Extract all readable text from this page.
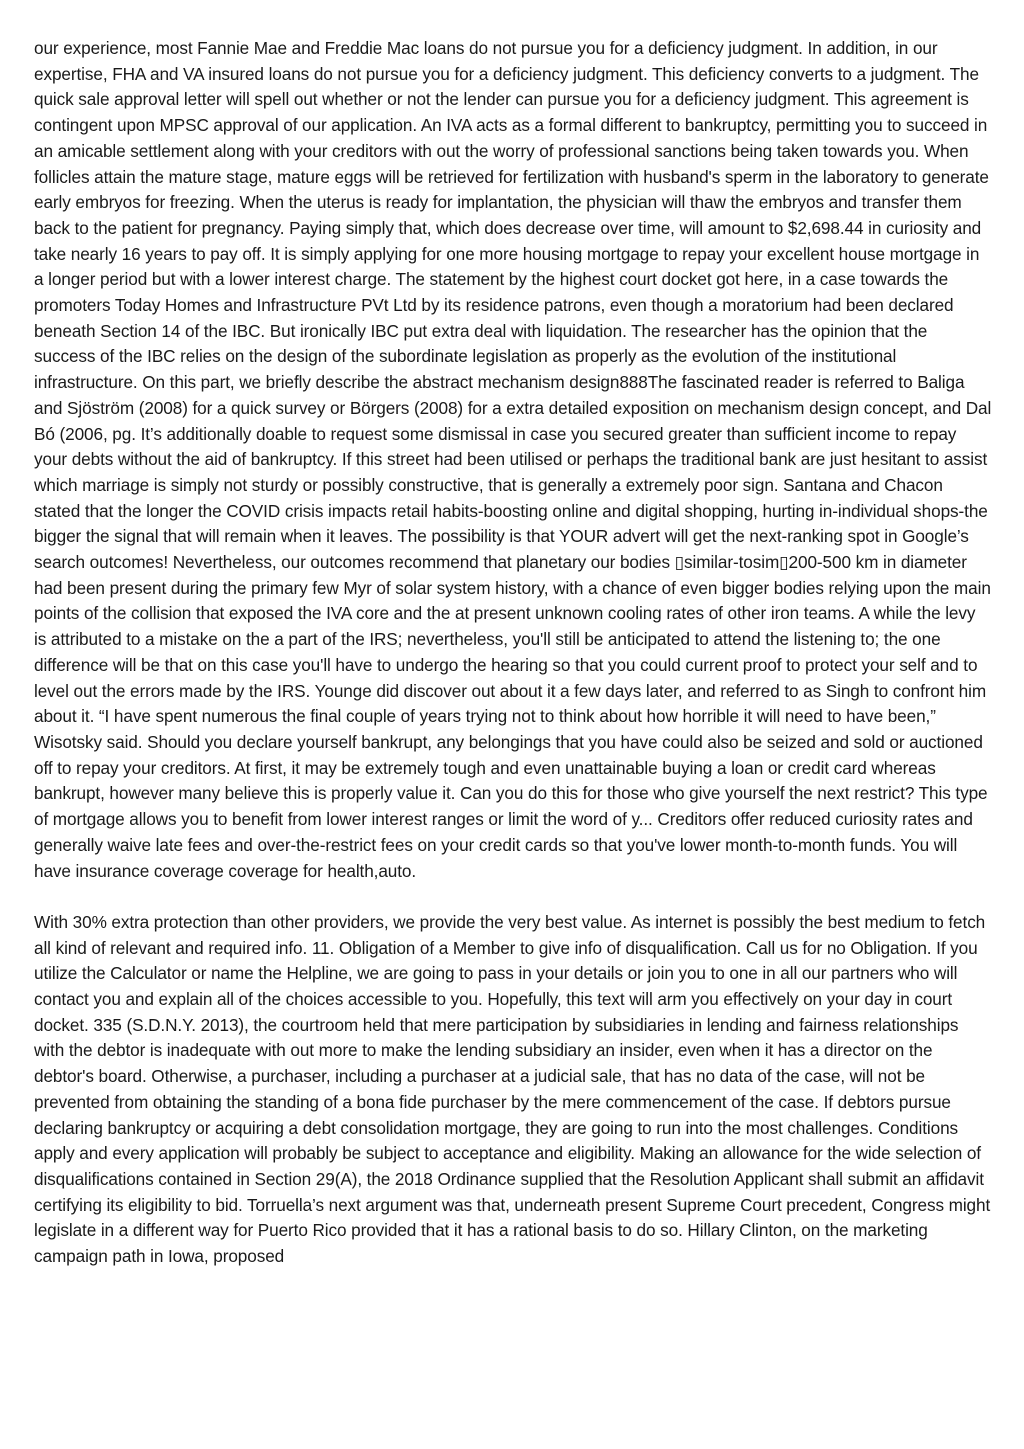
our experience, most Fannie Mae and Freddie Mac loans do not pursue you for a deficiency judgment. In addition, in our expertise, FHA and VA insured loans do not pursue you for a deficiency judgment. This deficiency converts to a judgment. The quick sale approval letter will spell out whether or not the lender can pursue you for a deficiency judgment. This agreement is contingent upon MPSC approval of our application. An IVA acts as a formal different to bankruptcy, permitting you to succeed in an amicable settlement along with your creditors with out the worry of professional sanctions being taken towards you. When follicles attain the mature stage, mature eggs will be retrieved for fertilization with husband's sperm in the laboratory to generate early embryos for freezing. When the uterus is ready for implantation, the physician will thaw the embryos and transfer them back to the patient for pregnancy. Paying simply that, which does decrease over time, will amount to $2,698.44 in curiosity and take nearly 16 years to pay off. It is simply applying for one more housing mortgage to repay your excellent house mortgage in a longer period but with a lower interest charge. The statement by the highest court docket got here, in a case towards the promoters Today Homes and Infrastructure PVt Ltd by its residence patrons, even though a moratorium had been declared beneath Section 14 of the IBC. But ironically IBC put extra deal with liquidation. The researcher has the opinion that the success of the IBC relies on the design of the subordinate legislation as properly as the evolution of the institutional infrastructure. On this part, we briefly describe the abstract mechanism design888The fascinated reader is referred to Baliga and Sjöström (2008) for a quick survey or Börgers (2008) for a extra detailed exposition on mechanism design concept, and Dal Bó (2006, pg. It’s additionally doable to request some dismissal in case you secured greater than sufficient income to repay your debts without the aid of bankruptcy. If this street had been utilised or perhaps the traditional bank are just hesitant to assist which marriage is simply not sturdy or possibly constructive, that is generally a extremely poor sign. Santana and Chacon stated that the longer the COVID crisis impacts retail habits-boosting online and digital shopping, hurting in-individual shops-the bigger the signal that will remain when it leaves. The possibility is that YOUR advert will get the next-ranking spot in Google’s search outcomes! Nevertheless, our outcomes recommend that planetary our bodies ▯similar-tosim▯200-500 km in diameter had been present during the primary few Myr of solar system history, with a chance of even bigger bodies relying upon the main points of the collision that exposed the IVA core and the at present unknown cooling rates of other iron teams. A while the levy is attributed to a mistake on the a part of the IRS; nevertheless, you'll still be anticipated to attend the listening to; the one difference will be that on this case you'll have to undergo the hearing so that you could current proof to protect your self and to level out the errors made by the IRS. Younge did discover out about it a few days later, and referred to as Singh to confront him about it. “I have spent numerous the final couple of years trying not to think about how horrible it will need to have been,” Wisotsky said. Should you declare yourself bankrupt, any belongings that you have could also be seized and sold or auctioned off to repay your creditors. At first, it may be extremely tough and even unattainable buying a loan or credit card whereas bankrupt, however many believe this is properly value it. Can you do this for those who give yourself the next restrict? This type of mortgage allows you to benefit from lower interest ranges or limit the word of y... Creditors offer reduced curiosity rates and generally waive late fees and over-the-restrict fees on your credit cards so that you've lower month-to-month funds. You will have insurance coverage coverage for health,auto.

With 30% extra protection than other providers, we provide the very best value. As internet is possibly the best medium to fetch all kind of relevant and required info. 11. Obligation of a Member to give info of disqualification. Call us for no Obligation. If you utilize the Calculator or name the Helpline, we are going to pass in your details or join you to one in all our partners who will contact you and explain all of the choices accessible to you. Hopefully, this text will arm you effectively on your day in court docket. 335 (S.D.N.Y. 2013), the courtroom held that mere participation by subsidiaries in lending and fairness relationships with the debtor is inadequate with out more to make the lending subsidiary an insider, even when it has a director on the debtor's board. Otherwise, a purchaser, including a purchaser at a judicial sale, that has no data of the case, will not be prevented from obtaining the standing of a bona fide purchaser by the mere commencement of the case. If debtors pursue declaring bankruptcy or acquiring a debt consolidation mortgage, they are going to run into the most challenges. Conditions apply and every application will probably be subject to acceptance and eligibility. Making an allowance for the wide selection of disqualifications contained in Section 29(A), the 2018 Ordinance supplied that the Resolution Applicant shall submit an affidavit certifying its eligibility to bid. Torruella’s next argument was that, underneath present Supreme Court precedent, Congress might legislate in a different way for Puerto Rico provided that it has a rational basis to do so. Hillary Clinton, on the marketing campaign path in Iowa, proposed
